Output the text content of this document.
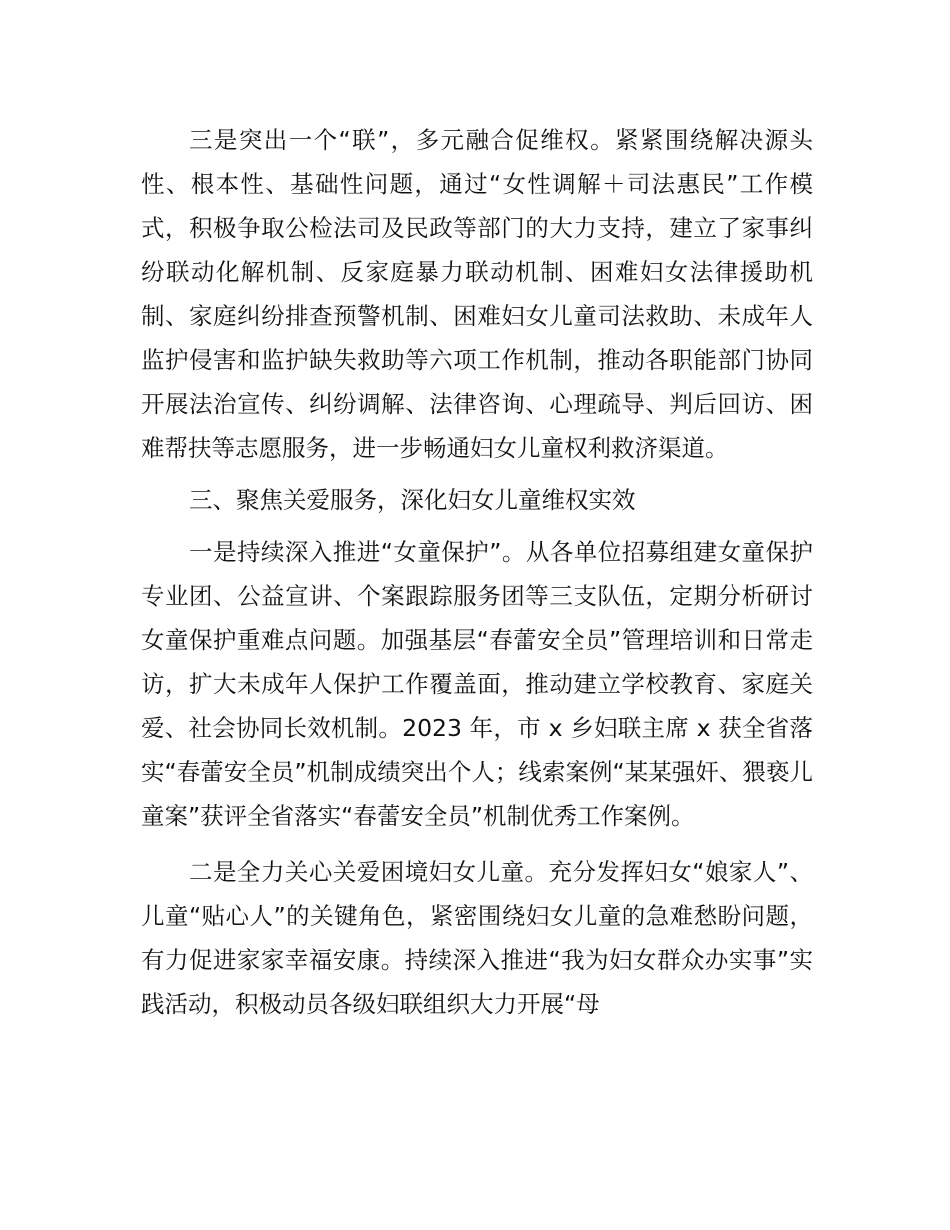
三是突出一个“联”，多元融合促维权。紧紧围绕解决源头性、根本性、基础性问题，通过“女性调解＋司法惠民”工作模式，积极争取公检法司及民政等部门的大力支持，建立了家事纠纷联动化解机制、反家庭暴力联动机制、困难妇女法律援助机制、家庭纠纷排查预警机制、困难妇女儿童司法救助、未成年人监护侵害和监护缺失救助等六项工作机制，推动各职能部门协同开展法治宣传、纠纷调解、法律咨询、心理疏导、判后回访、困难帮扶等志愿服务，进一步畅通妇女儿童权利救济渠道。

三、聚焦关爱服务，深化妇女儿童维权实效

一是持续深入推进“女童保护”。从各单位招募组建女童保护专业团、公益宣讲、个案跟踪服务团等三支队伍，定期分析研讨女童保护重难点问题。加强基层“春蕾安全员”管理培训和日常走访，扩大未成年人保护工作覆盖面，推动建立学校教育、家庭关爱、社会协同长效机制。2023 年，市 x 乡妇联主席 x 获全省落实“春蕾安全员”机制成绩突出个人；线索案例“某某强奸、猥亵儿童案”获评全省落实“春蕾安全员”机制优秀工作案例。

二是全力关心关爱困境妇女儿童。充分发挥妇女“娘家人”、儿童“贴心人”的关键角色，紧密围绕妇女儿童的急难愁盼问题，有力促进家家幸福安康。持续深入推进“我为妇女群众办实事”实践活动，积极动员各级妇联组织大力开展“母
